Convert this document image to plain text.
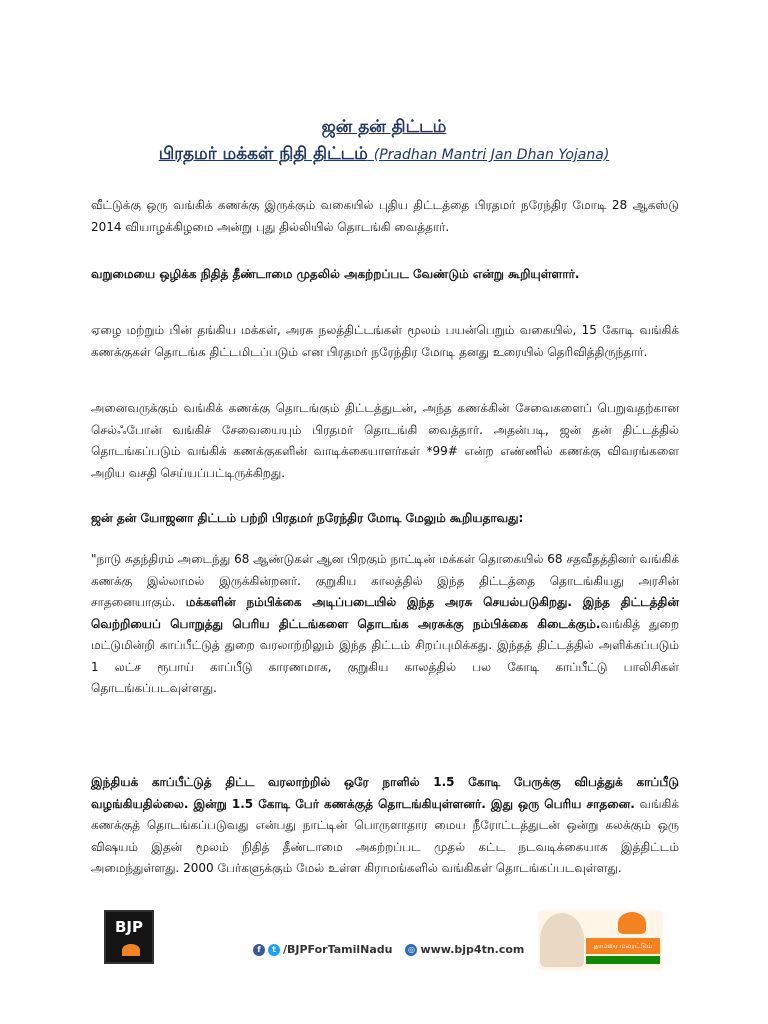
ஜன் தன் திட்டம்
பிரதமர் மக்கள் நிதி திட்டம் (Pradhan Mantri Jan Dhan Yojana)

வீட்டுக்கு ஒரு வங்கிக் கணக்கு இருக்கும் வகையில் புதிய திட்டத்தை பிரதமர் நரேந்திர மோடி 28 ஆகஸ்டு 2014 வியாழக்கிழமை அன்று புது தில்லியில் தொடங்கி வைத்தார்.

வறுமையை ஒழிக்க நிதித் தீண்டாமை முதலில் அகற்றப்பட வேண்டும் என்று கூறியுள்ளார்.

ஏழை மற்றும் பின் தங்கிய மக்கள், அரசு நலத்திட்டங்கள் மூலம் பயன்பெறும் வகையில், 15 கோடி வங்கிக் கணக்குகள் தொடங்க திட்டமிடப்படும் என பிரதமர் நரேந்திர மோடி தனது உரையில் தெரிவித்திருந்தார்.

அனைவருக்கும் வங்கிக் கணக்கு தொடங்கும் திட்டத்துடன், அந்த கணக்கின் சேவைகளைப் பெறுவதற்கான செல்ஃபோன் வங்கிச் சேவையையும் பிரதமர் தொடங்கி வைத்தார். அதன்படி, ஜன் தன் திட்டத்தில் தொடங்கப்படும் வங்கிக் கணக்குகளின் வாடிக்கையாளர்கள் *99# என்ற எண்ணில் கணக்கு விவரங்களை அறிய வசதி செய்யப்பட்டிருக்கிறது.

ஜன் தன் யோஜனா திட்டம் பற்றி பிரதமர் நரேந்திர மோடி மேலும் கூறியதாவது:

"நாடு சுதந்திரம் அடைந்து 68 ஆண்டுகள் ஆன பிறகும் நாட்டின் மக்கள் தொகையில் 68 சதவீதத்தினர் வங்கிக் கணக்கு இல்லாமல் இருக்கின்றனர். குறுகிய காலத்தில் இந்த திட்டத்தை தொடங்கியது அரசின் சாதனையாகும். மக்களின் நம்பிக்கை அடிப்படையில் இந்த அரசு செயல்படுகிறது. இந்த திட்டத்தின் வெற்றியைப் பொறுத்து பெரிய திட்டங்களை தொடங்க அரசுக்கு நம்பிக்கை கிடைக்கும்.வங்கித் துறை மட்டுமின்றி காப்பீட்டுத் துறை வரலாற்றிலும் இந்த திட்டம் சிறப்புமிக்கது. இந்தத் திட்டத்தில் அளிக்கப்படும் 1 லட்ச ரூபாய் காப்பீடு காரணமாக, குறுகிய காலத்தில் பல கோடி காப்பீட்டு பாலிசிகள் தொடங்கப்படவுள்ளது.

இந்தியக் காப்பீட்டுத் திட்ட வரலாற்றில் ஒரே நாளில் 1.5 கோடி பேருக்கு விபத்துக் காப்பீடு வழங்கியதில்லை. இன்று 1.5 கோடி பேர் கணக்குத் தொடங்கியுள்ளனர். இது ஒரு பெரிய சாதனை. வங்கிக் கணக்குத் தொடங்கப்படுவது என்பது நாட்டின் பொருளாதார மைய நீரோட்டத்துடன் ஒன்று கலக்கும் ஒரு விஷயம் இதன் மூலம் நிதித் தீண்டாமை அகற்றப்பட முதல் கட்ட நடவடிக்கையாக இத்திட்டம் அமைந்துள்ளது. 2000 பேர்களுக்கும் மேல் உள்ள கிராமங்களில் வங்கிகள் தொடங்கப்படவுள்ளது.

BJP
f	t /BJPForTamilNadu	◎ www.bjp4tn.com	தாமரை மலரட்டும்
